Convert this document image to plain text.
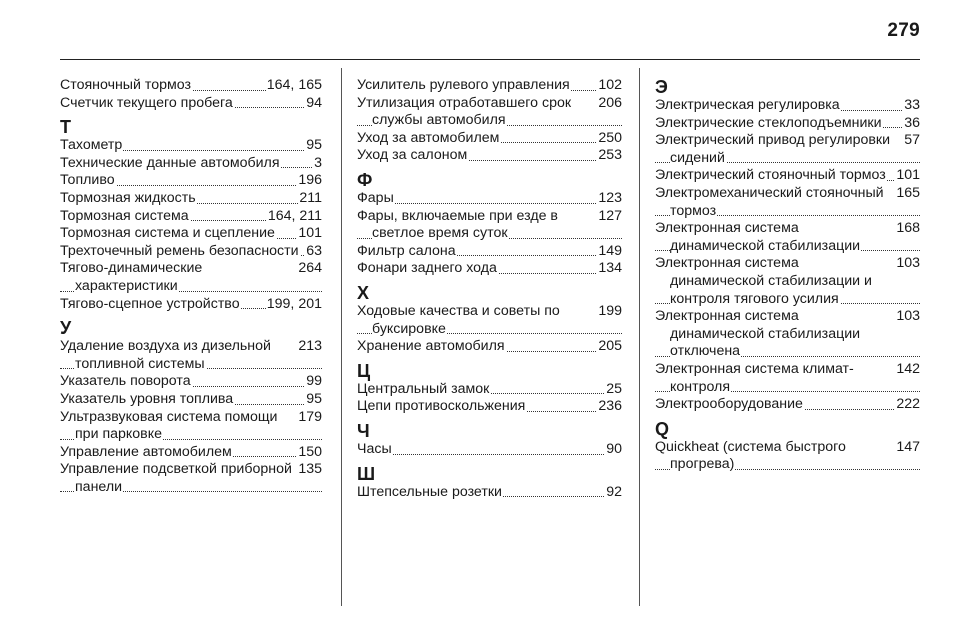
279
164, 165
Стояночный тормоз
94
Счетчик текущего пробега
Т
95
Тахометр
3
Технические данные автомобиля
196
Топливо
211
Тормозная жидкость
164, 211
Тормозная система
101
Тормозная система и сцепление
63
Трехточечный ремень безопасности
264
Тягово-динамические характеристики
199, 201
Тягово-сцепное устройство
У
213
Удаление воздуха из дизельной топливной системы
99
Указатель поворота
95
Указатель уровня топлива
179
Ультразвуковая система помощи при парковке
150
Управление автомобилем
135
Управление подсветкой приборной панели
102
Усилитель рулевого управления
206
Утилизация отработавшего срок службы автомобиля
250
Уход за автомобилем
253
Уход за салоном
Ф
123
Фары
127
Фары, включаемые при езде в светлое время суток
149
Фильтр салона
134
Фонари заднего хода
Х
199
Ходовые качества и советы по буксировке
205
Хранение автомобиля
Ц
25
Центральный замок
236
Цепи противоскольжения
Ч
90
Часы
Ш
92
Штепсельные розетки
Э
33
Электрическая регулировка
36
Электрические стеклоподъемники
57
Электрический привод регулировки сидений
101
Электрический стояночный тормоз
165
Электромеханический стояночный тормоз
168
Электронная система динамической стабилизации
103
Электронная система динамической стабилизации и контроля тягового усилия
103
Электронная система динамической стабилизации отключена
142
Электронная система климат-контроля
222
Электрооборудование
Q
147
Quickheat (система быстрого прогрева)
